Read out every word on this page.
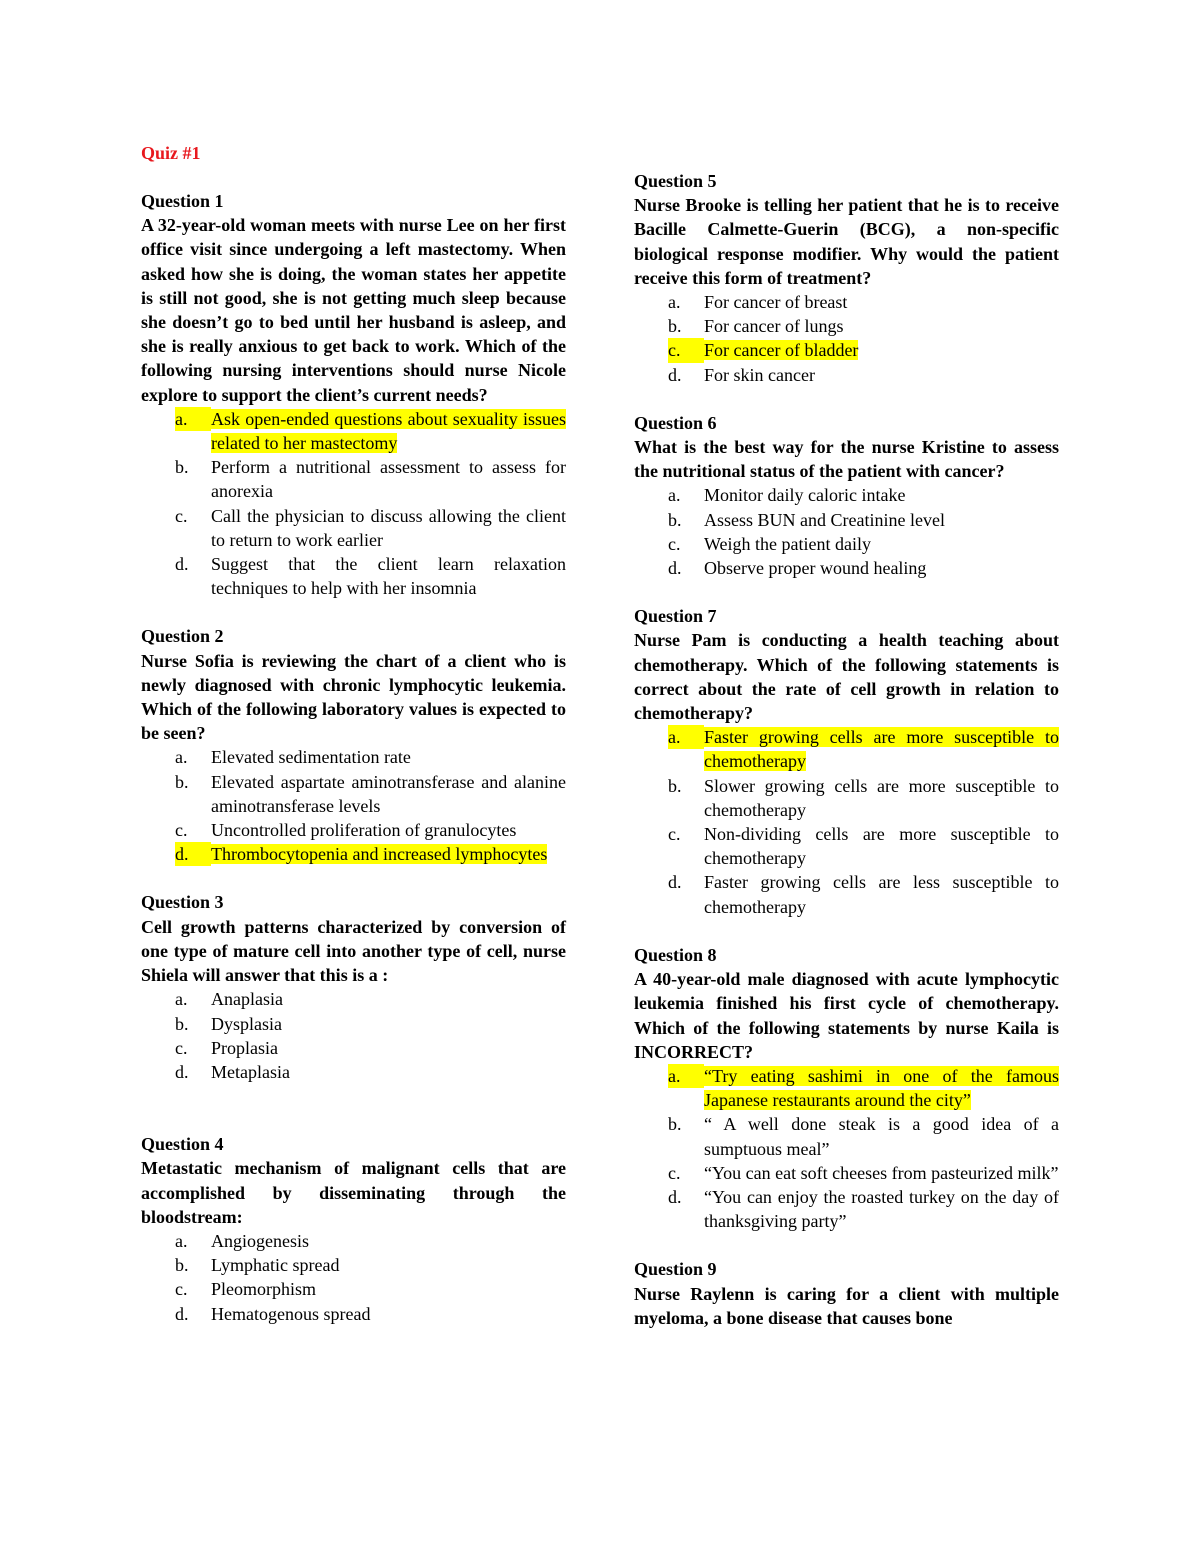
Quiz #1
Question 1
A 32-year-old woman meets with nurse Lee on her first office visit since undergoing a left mastectomy. When asked how she is doing, the woman states her appetite is still not good, she is not getting much sleep because she doesn’t go to bed until her husband is asleep, and she is really anxious to get back to work. Which of the following nursing interventions should nurse Nicole explore to support the client’s current needs?
a.	Ask open-ended questions about sexuality issues related to her mastectomy
b.	Perform a nutritional assessment to assess for anorexia
c.	Call the physician to discuss allowing the client to return to work earlier
d.	Suggest that the client learn relaxation techniques to help with her insomnia
Question 2
Nurse Sofia is reviewing the chart of a client who is newly diagnosed with chronic lymphocytic leukemia. Which of the following laboratory values is expected to be seen?
a.	Elevated sedimentation rate
b.	Elevated aspartate aminotransferase and alanine aminotransferase levels
c.	Uncontrolled proliferation of granulocytes
d.	Thrombocytopenia and increased lymphocytes
Question 3
Cell growth patterns characterized by conversion of one type of mature cell into another type of cell, nurse Shiela will answer that this is a :
a.	Anaplasia
b.	Dysplasia
c.	Proplasia
d.	Metaplasia
Question 4
Metastatic mechanism of malignant cells that are accomplished by disseminating through the bloodstream:
a.	Angiogenesis
b.	Lymphatic spread
c.	Pleomorphism
d.	Hematogenous spread
Question 5
Nurse Brooke is telling her patient that he is to receive Bacille Calmette-Guerin (BCG), a non-specific biological response modifier. Why would the patient receive this form of treatment?
a.	For cancer of breast
b.	For cancer of lungs
c.	For cancer of bladder
d.	For skin cancer
Question 6
What is the best way for the nurse Kristine to assess the nutritional status of the patient with cancer?
a.	Monitor daily caloric intake
b.	Assess BUN and Creatinine level
c.	Weigh the patient daily
d.	Observe proper wound healing
Question 7
Nurse Pam is conducting a health teaching about chemotherapy. Which of the following statements is correct about the rate of cell growth in relation to chemotherapy?
a.	Faster growing cells are more susceptible to chemotherapy
b.	Slower growing cells are more susceptible to chemotherapy
c.	Non-dividing cells are more susceptible to chemotherapy
d.	Faster growing cells are less susceptible to chemotherapy
Question 8
A 40-year-old male diagnosed with acute lymphocytic leukemia finished his first cycle of chemotherapy. Which of the following statements by nurse Kaila is INCORRECT?
a.	“Try eating sashimi in one of the famous Japanese restaurants around the city”
b.	“ A well done steak is a good idea of a sumptuous meal”
c.	“You can eat soft cheeses from pasteurized milk”
d.	“You can enjoy the roasted turkey on the day of thanksgiving party”
Question 9
Nurse Raylenn is caring for a client with multiple myeloma, a bone disease that causes bone
